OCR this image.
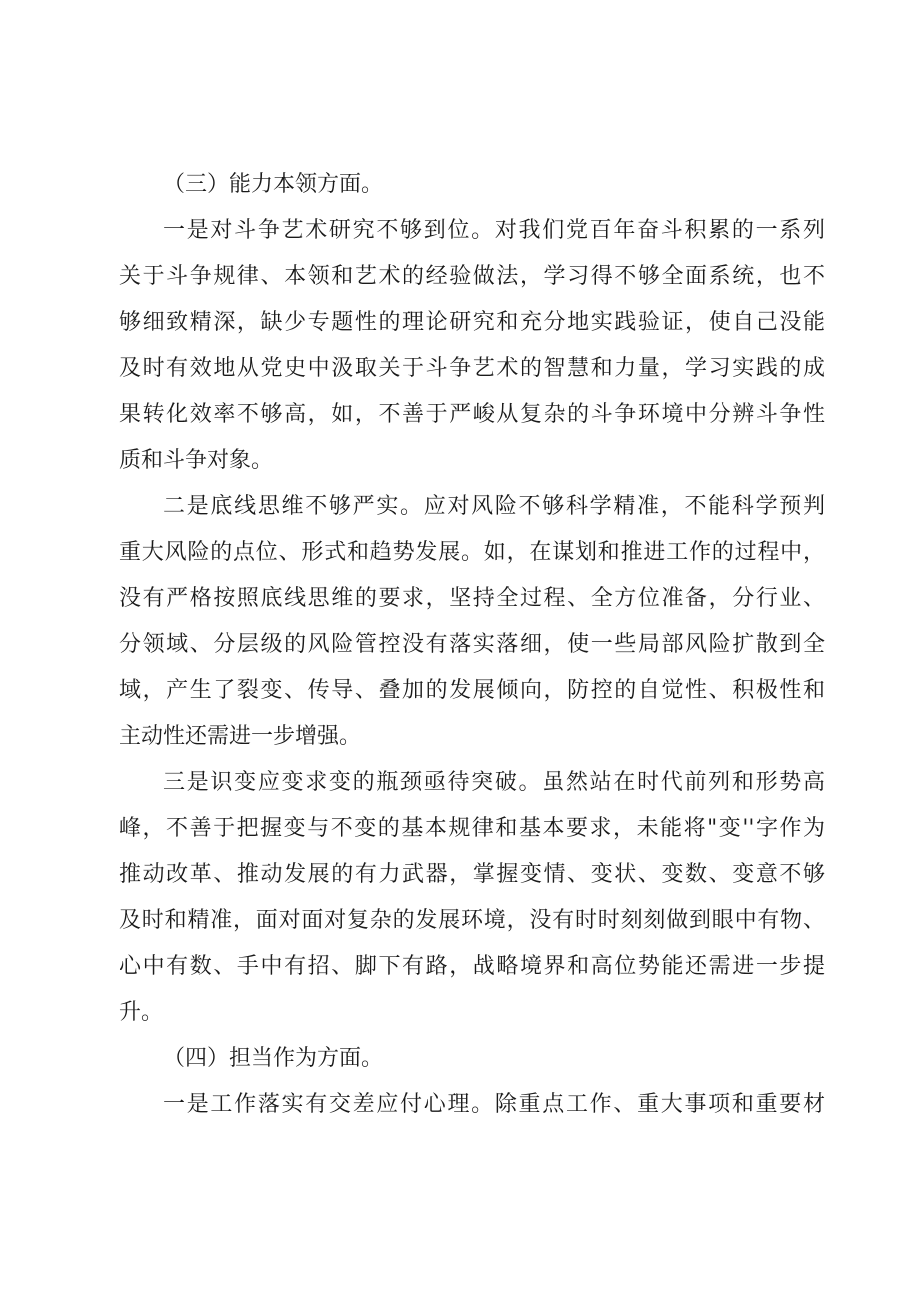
（三）能力本领方面。

一是对斗争艺术研究不够到位。对我们党百年奋斗积累的一系列

关于斗争规律、本领和艺术的经验做法，学习得不够全面系统，也不

够细致精深，缺少专题性的理论研究和充分地实践验证，使自己没能

及时有效地从党史中汲取关于斗争艺术的智慧和力量，学习实践的成

果转化效率不够高，如，不善于严峻从复杂的斗争环境中分辨斗争性

质和斗争对象。

二是底线思维不够严实。应对风险不够科学精准，不能科学预判

重大风险的点位、形式和趋势发展。如，在谋划和推进工作的过程中，

没有严格按照底线思维的要求，坚持全过程、全方位准备，分行业、

分领域、分层级的风险管控没有落实落细，使一些局部风险扩散到全

域，产生了裂变、传导、叠加的发展倾向，防控的自觉性、积极性和

主动性还需进一步增强。

三是识变应变求变的瓶颈亟待突破。虽然站在时代前列和形势高

峰，不善于把握变与不变的基本规律和基本要求，未能将"变''字作为

推动改革、推动发展的有力武器，掌握变情、变状、变数、变意不够

及时和精准，面对面对复杂的发展环境，没有时时刻刻做到眼中有物、

心中有数、手中有招、脚下有路，战略境界和高位势能还需进一步提

升。

（四）担当作为方面。

一是工作落实有交差应付心理。除重点工作、重大事项和重要材
